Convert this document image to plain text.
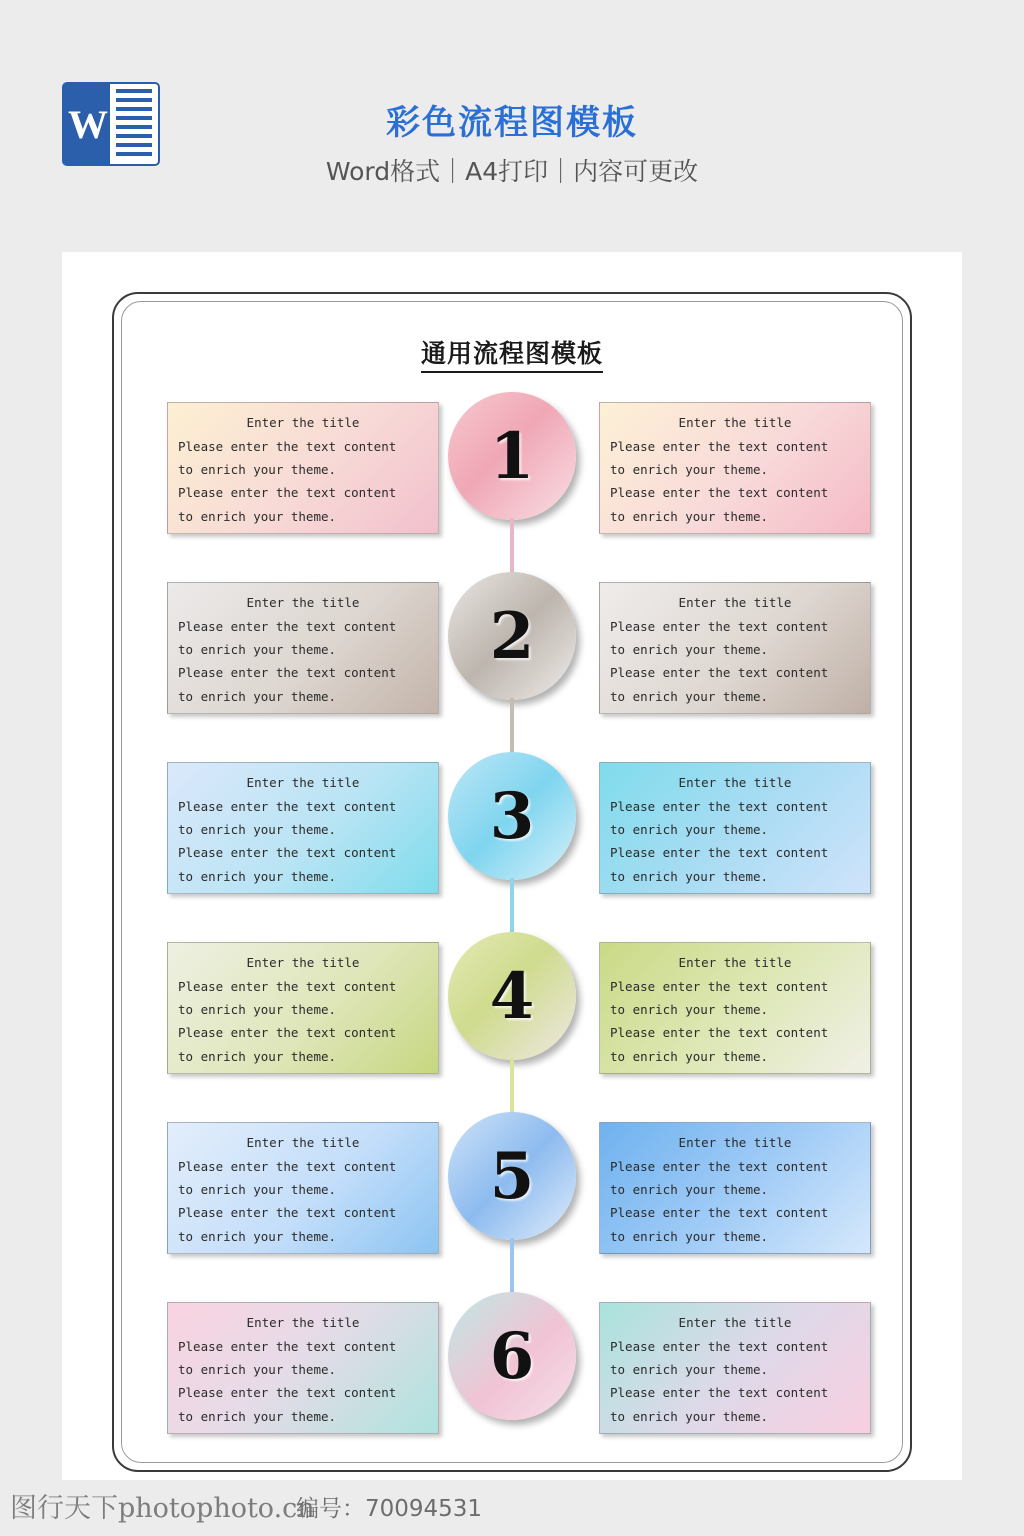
W	彩色流程图模板
Word格式｜A4打印｜内容可更改
通用流程图模板
Enter the title
Please enter the text content
to enrich your theme.
Please enter the text content
to enrich your theme.
Enter the title
Please enter the text content
to enrich your theme.
Please enter the text content
to enrich your theme.
1
Enter the title
Please enter the text content
to enrich your theme.
Please enter the text content
to enrich your theme.
Enter the title
Please enter the text content
to enrich your theme.
Please enter the text content
to enrich your theme.
2
Enter the title
Please enter the text content
to enrich your theme.
Please enter the text content
to enrich your theme.
Enter the title
Please enter the text content
to enrich your theme.
Please enter the text content
to enrich your theme.
3
Enter the title
Please enter the text content
to enrich your theme.
Please enter the text content
to enrich your theme.
Enter the title
Please enter the text content
to enrich your theme.
Please enter the text content
to enrich your theme.
4
Enter the title
Please enter the text content
to enrich your theme.
Please enter the text content
to enrich your theme.
Enter the title
Please enter the text content
to enrich your theme.
Please enter the text content
to enrich your theme.
5
Enter the title
Please enter the text content
to enrich your theme.
Please enter the text content
to enrich your theme.
Enter the title
Please enter the text content
to enrich your theme.
Please enter the text content
to enrich your theme.
6
图行天下photophoto.cn
编号：70094531
